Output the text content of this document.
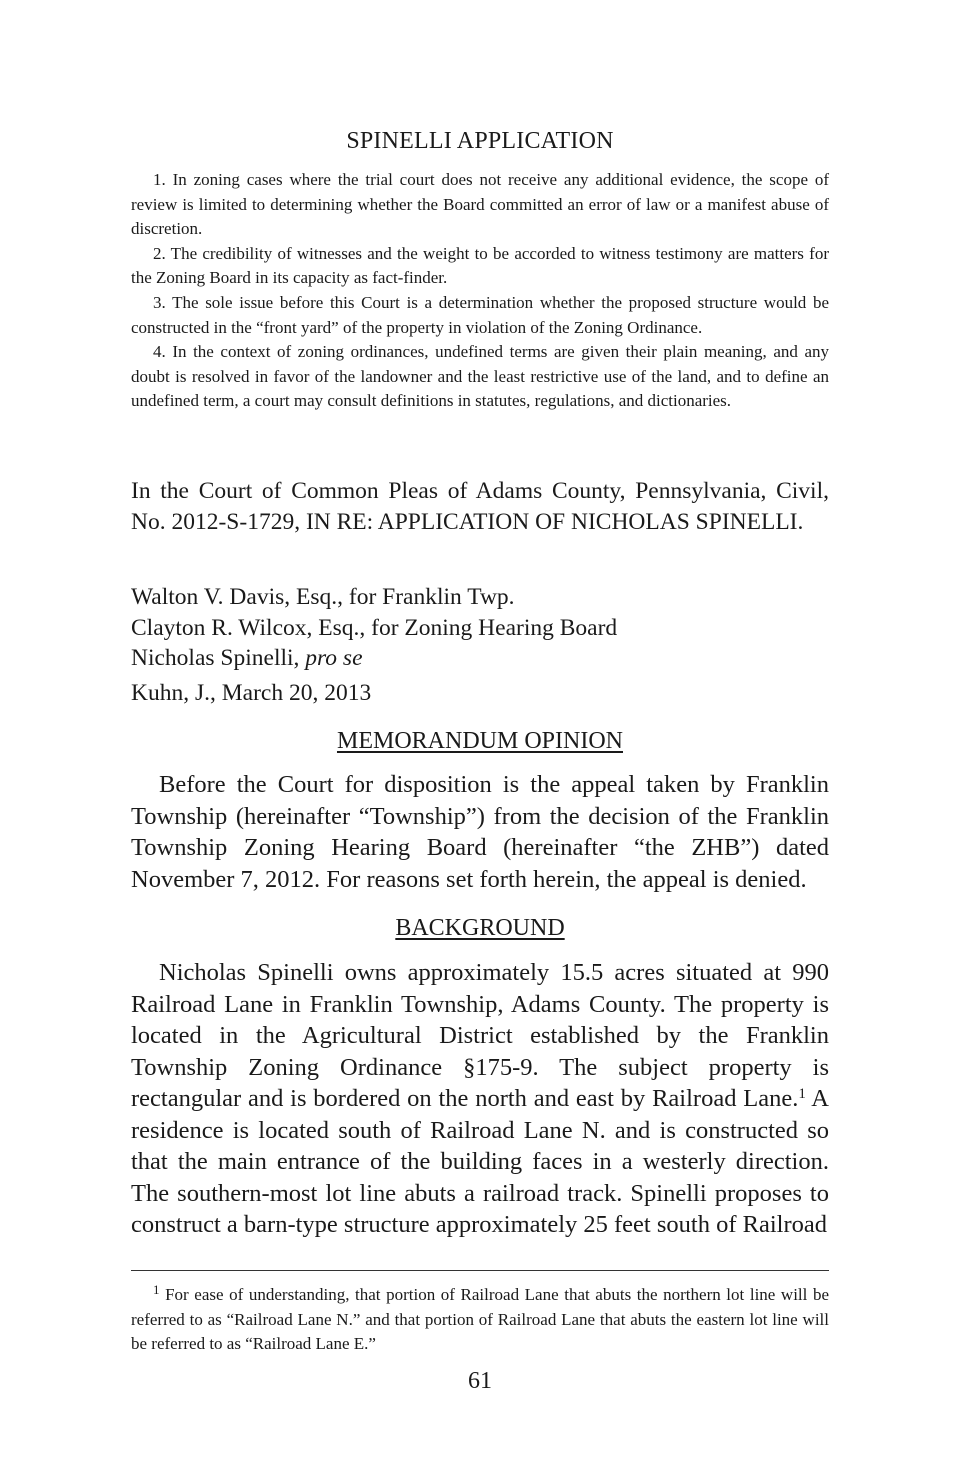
SPINELLI APPLICATION

1. In zoning cases where the trial court does not receive any additional evidence, the scope of review is limited to determining whether the Board committed an error of law or a manifest abuse of discretion.

2. The credibility of witnesses and the weight to be accorded to witness testimony are matters for the Zoning Board in its capacity as fact-finder.

3. The sole issue before this Court is a determination whether the proposed structure would be constructed in the “front yard” of the property in violation of the Zoning Ordinance.

4. In the context of zoning ordinances, undefined terms are given their plain meaning, and any doubt is resolved in favor of the landowner and the least restrictive use of the land, and to define an undefined term, a court may consult definitions in statutes, regulations, and dictionaries.

In the Court of Common Pleas of Adams County, Pennsylvania, Civil, No. 2012-S-1729, IN RE: APPLICATION OF NICHOLAS SPINELLI.

Walton V. Davis, Esq., for Franklin Twp.
Clayton R. Wilcox, Esq., for Zoning Hearing Board
Nicholas Spinelli, pro se
Kuhn, J., March 20, 2013
MEMORANDUM OPINION

Before the Court for disposition is the appeal taken by Franklin Township (hereinafter “Township”) from the decision of the Franklin Township Zoning Hearing Board (hereinafter “the ZHB”) dated November 7, 2012. For reasons set forth herein, the appeal is denied.

BACKGROUND

Nicholas Spinelli owns approximately 15.5 acres situated at 990 Railroad Lane in Franklin Township, Adams County. The property is located in the Agricultural District established by the Franklin Township Zoning Ordinance §175-9. The subject property is rectangular and is bordered on the north and east by Railroad Lane.$^1$ A residence is located south of Railroad Lane N. and is constructed so that the main entrance of the building faces in a westerly direction. The southern-most lot line abuts a railroad track. Spinelli proposes to construct a barn-type structure approximately 25 feet south of Railroad

$^1$ For ease of understanding, that portion of Railroad Lane that abuts the northern lot line will be referred to as “Railroad Lane N.” and that portion of Railroad Lane that abuts the eastern lot line will be referred to as “Railroad Lane E.”

61
